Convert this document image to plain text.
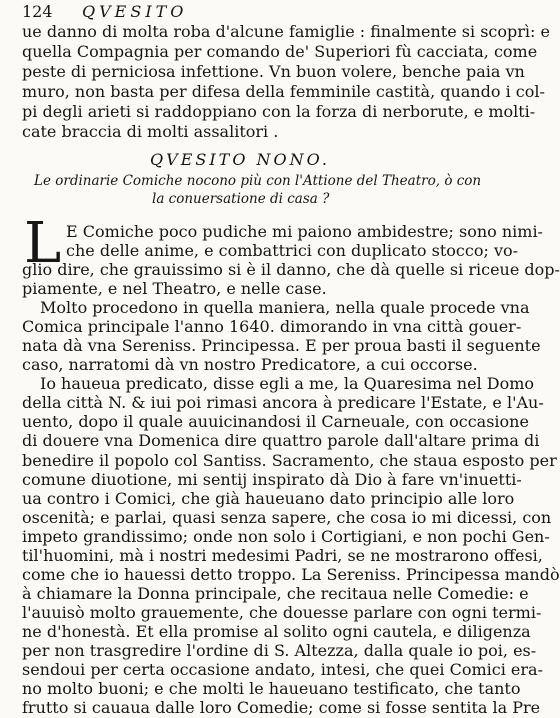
124 QVESITO
ue danno di molta roba d'alcune famiglie : finalmente si scoprì: e
quella Compagnia per comando de' Superiori fù cacciata, come
peste di perniciosa infettione. Vn buon volere, benche paia vn
muro, non basta per difesa della femminile castità, quando i col-
pi degli arieti si raddoppiano con la forza di nerborute, e molti-
cate braccia di molti assalitori .
QVESITO NONO.
Le ordinarie Comiche nocono più con l'Attione del Theatro, ò con
la conuersatione di casa ?
L E Comiche poco pudiche mi paiono ambidestre; sono nimi-
che delle anime, e combattrici con duplicato stocco; vo-
glio dire, che grauissimo si è il danno, che dà quelle si riceue dop-
piamente, e nel Theatro, e nelle case.
Molto procedono in quella maniera, nella quale procede vna
Comica principale l'anno 1640. dimorando in vna città gouer-
nata dà vna Sereniss. Principessa. E per proua basti il seguente
caso, narratomi dà vn nostro Predicatore, a cui occorse.
Io haueua predicato, disse egli a me, la Quaresima nel Domo
della città N. & iui poi rimasi ancora à predicare l'Estate, e l'Au-
uento, dopo il quale auuicinandosi il Carneuale, con occasione
di douere vna Domenica dire quattro parole dall'altare prima di
benedire il popolo col Santiss. Sacramento, che staua esposto per
comune diuotione, mi sentij inspirato dà Dio à fare vn'inuetti-
ua contro i Comici, che già haueuano dato principio alle loro
oscenità; e parlai, quasi senza sapere, che cosa io mi dicessi, con
impeto grandissimo; onde non solo i Cortigiani, e non pochi Gen-
til'huomini, mà i nostri medesimi Padri, se ne mostrarono offesi,
come che io hauessi detto troppo. La Sereniss. Principessa mandò
à chiamare la Donna principale, che recitaua nelle Comedie: e
l'auuisò molto grauemente, che douesse parlare con ogni termi-
ne d'honestà. Et ella promise al solito ogni cautela, e diligenza
per non trasgredire l'ordine di S. Altezza, dalla quale io poi, es-
sendoui per certa occasione andato, intesi, che quei Comici era-
no molto buoni; e che molti le haueuano testificato, che tanto
frutto si cauaua dalle loro Comedie; come si fosse sentita la Pre
